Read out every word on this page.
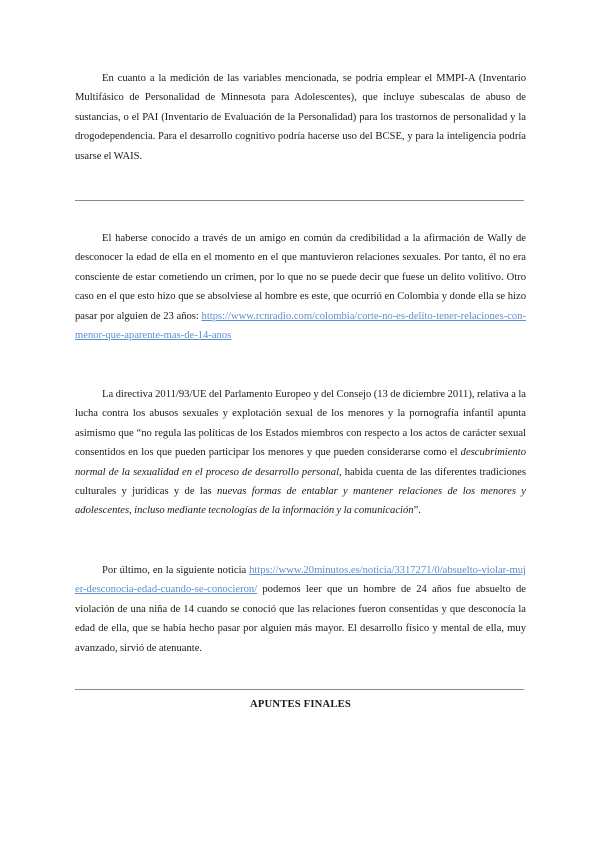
En cuanto a la medición de las variables mencionada, se podría emplear el MMPI-A (Inventario Multifásico de Personalidad de Minnesota para Adolescentes), que incluye subescalas de abuso de sustancias, o el PAI (Inventario de Evaluación de la Personalidad) para los trastornos de personalidad y la drogodependencia. Para el desarrollo cognitivo podría hacerse uso del BCSE, y para la inteligencia podría usarse el WAIS.

El haberse conocido a través de un amigo en común da credibilidad a la afirmación de Wally de desconocer la edad de ella en el momento en el que mantuvieron relaciones sexuales. Por tanto, él no era consciente de estar cometiendo un crimen, por lo que no se puede decir que fuese un delito volitivo. Otro caso en el que esto hizo que se absolviese al hombre es este, que ocurrió en Colombia y donde ella se hizo pasar por alguien de 23 años: https://www.rcnradio.com/colombia/corte-no-es-delito-tener-relaciones-con-menor-que-aparente-mas-de-14-anos

La directiva 2011/93/UE del Parlamento Europeo y del Consejo (13 de diciembre 2011), relativa a la lucha contra los abusos sexuales y explotación sexual de los menores y la pornografía infantil apunta asimismo que “no regula las políticas de los Estados miembros con respecto a los actos de carácter sexual consentidos en los que pueden participar los menores y que pueden considerarse como el descubrimiento normal de la sexualidad en el proceso de desarrollo personal, habida cuenta de las diferentes tradiciones culturales y jurídicas y de las nuevas formas de entablar y mantener relaciones de los menores y adolescentes, incluso mediante tecnologías de la información y la comunicación”.

Por último, en la siguiente noticia https://www.20minutos.es/noticia/3317271/0/absuelto-violar-mujer-desconocia-edad-cuando-se-conocieron/ podemos leer que un hombre de 24 años fue absuelto de violación de una niña de 14 cuando se conoció que las relaciones fueron consentidas y que desconocía la edad de ella, que se había hecho pasar por alguien más mayor. El desarrollo físico y mental de ella, muy avanzado, sirvió de atenuante.

APUNTES FINALES
